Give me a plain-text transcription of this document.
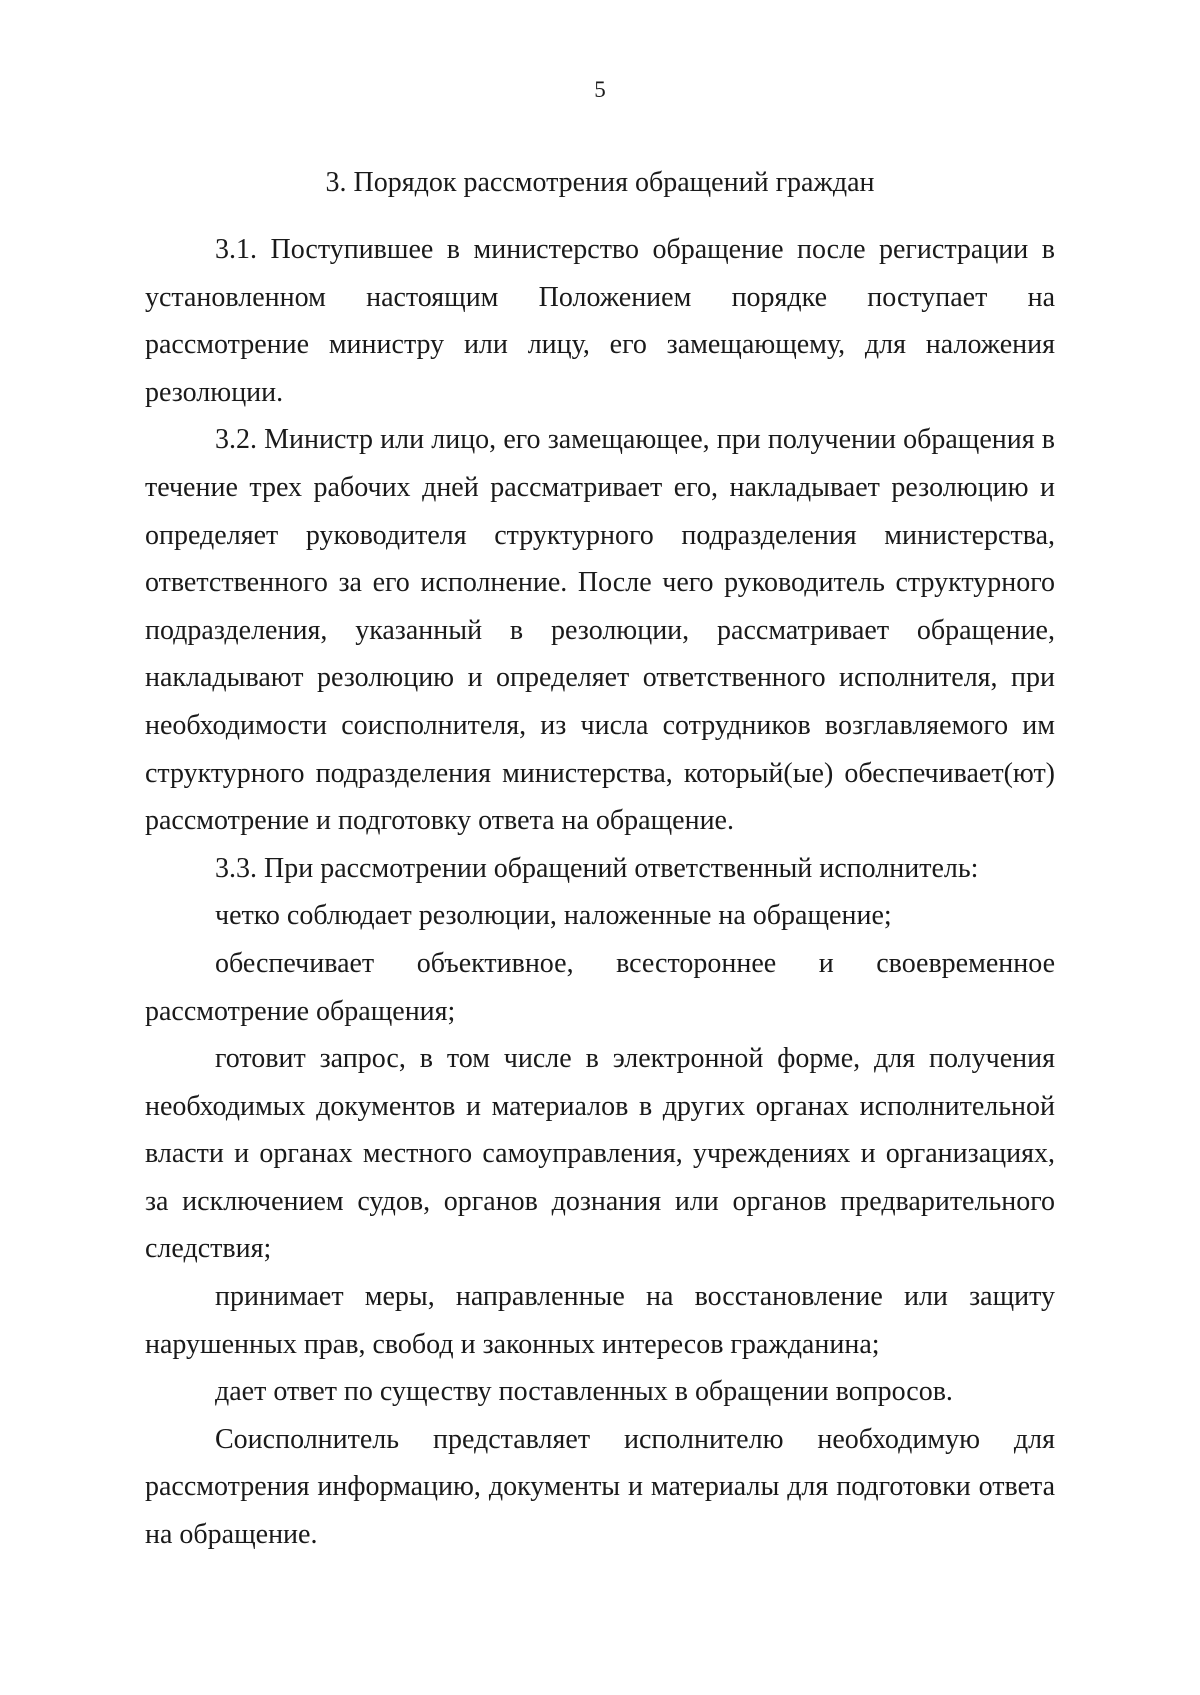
5
3. Порядок рассмотрения обращений граждан

3.1. Поступившее в министерство обращение после регистрации в установленном настоящим Положением порядке поступает на рассмотрение министру или лицу, его замещающему, для наложения резолюции.

3.2. Министр или лицо, его замещающее, при получении обращения в течение трех рабочих дней рассматривает его, накладывает резолюцию и определяет руководителя структурного подразделения министерства, ответственного за его исполнение. После чего руководитель структурного подразделения, указанный в резолюции, рассматривает обращение, накладывают резолюцию и определяет ответственного исполнителя, при необходимости соисполнителя, из числа сотрудников возглавляемого им структурного подразделения министерства, который(ые) обеспечивает(ют) рассмотрение и подготовку ответа на обращение.

3.3. При рассмотрении обращений ответственный исполнитель:

четко соблюдает резолюции, наложенные на обращение;

обеспечивает объективное, всестороннее и своевременное рассмотрение обращения;

готовит запрос, в том числе в электронной форме, для получения необходимых документов и материалов в других органах исполнительной власти и органах местного самоуправления, учреждениях и организациях, за исключением судов, органов дознания или органов предварительного следствия;

принимает меры, направленные на восстановление или защиту нарушенных прав, свобод и законных интересов гражданина;

дает ответ по существу поставленных в обращении вопросов.

Соисполнитель представляет исполнителю необходимую для рассмотрения информацию, документы и материалы для подготовки ответа на обращение.
